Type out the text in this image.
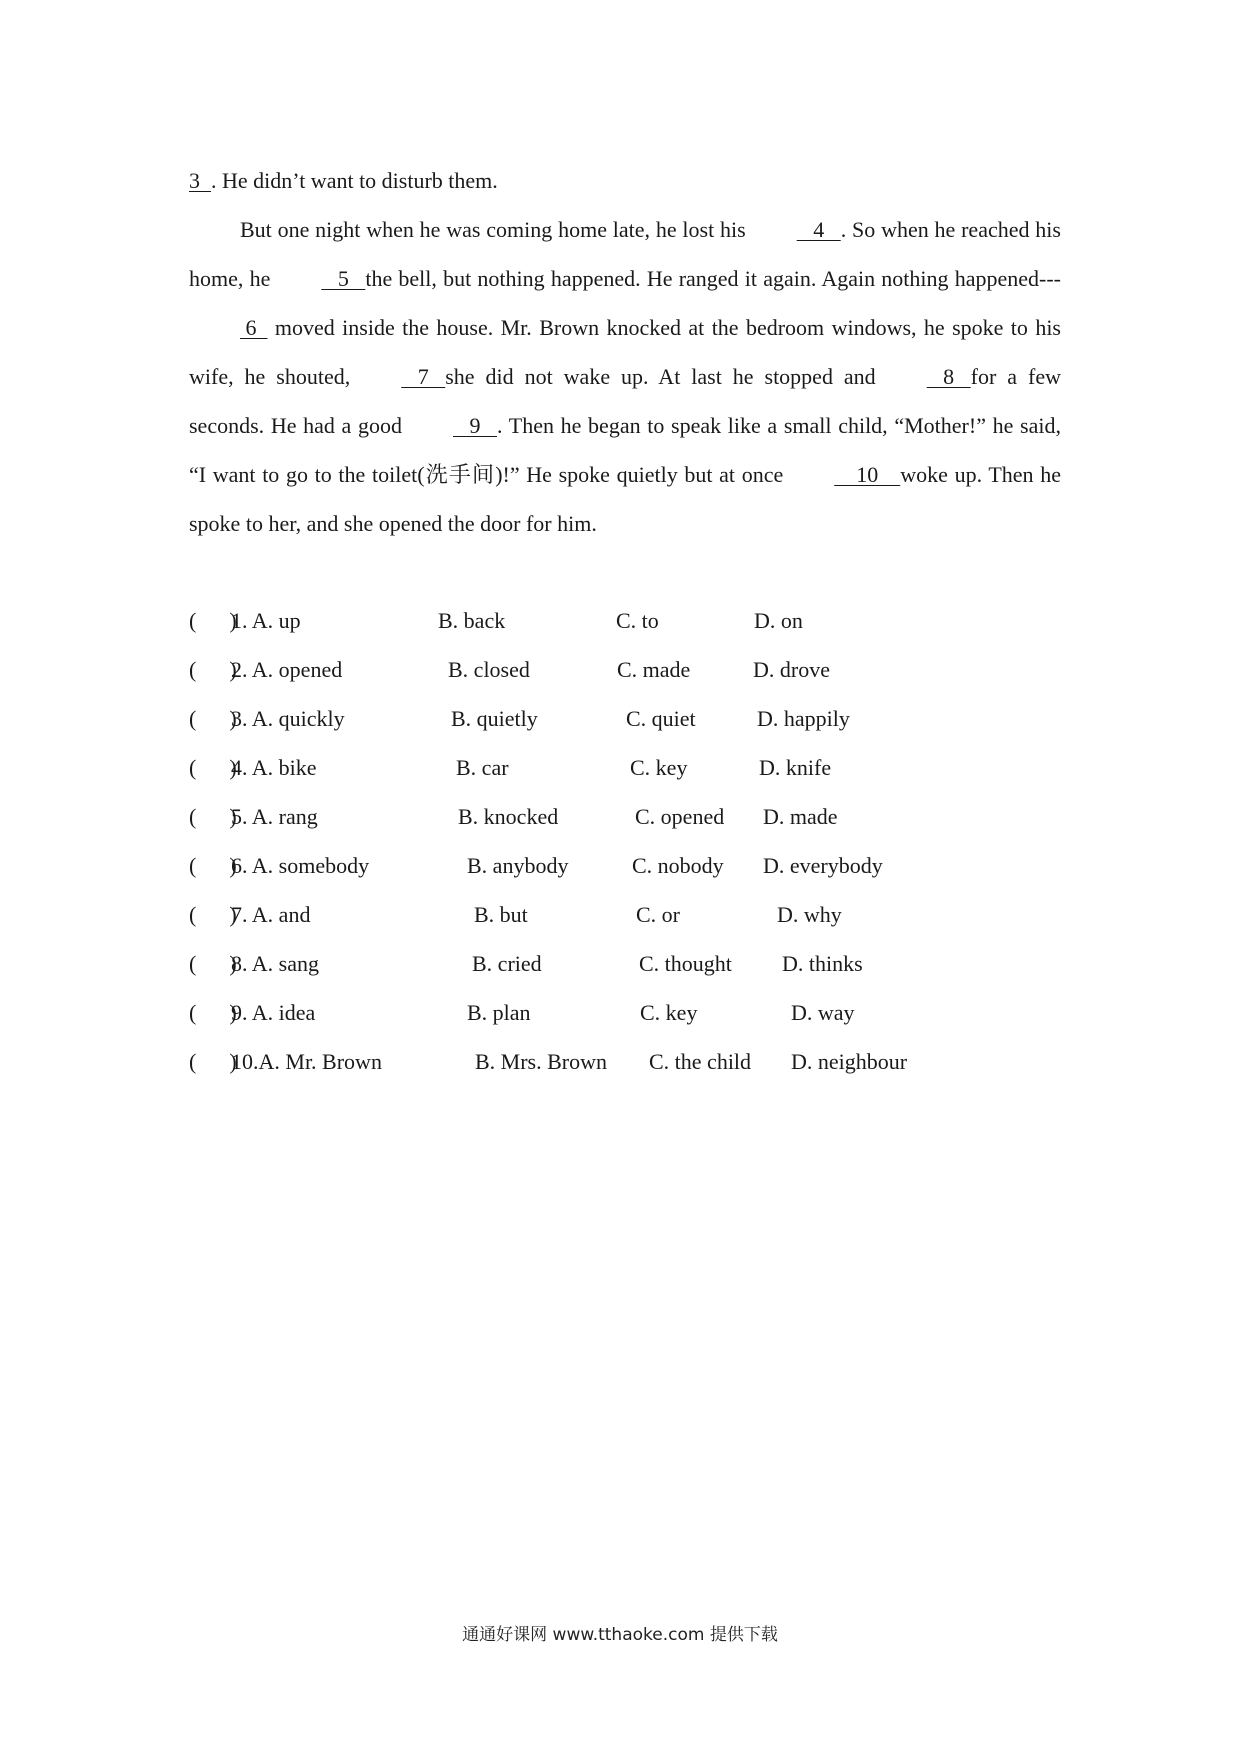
3  . He didn’t want to disturb them.

But one night when he was coming home late, he lost his   4   . So when he reached his home, he   5   the bell, but nothing happened. He ranged it again. Again nothing happened---  6   moved inside the house. Mr. Brown knocked at the bedroom windows, he spoke to his wife, he shouted,   7   she did not wake up. At last he stopped and   8   for a few seconds. He had a good   9   . Then he began to speak like a small child, “Mother!” he said, “I want to go to the toilet(洗手间)!” He spoke quietly but at once    10    woke up. Then he spoke to her, and she opened the door for him.

(      )
1. A. up	B. back	C. to	D. on
(      )
2. A. opened	B. closed	C. made	D. drove
(      )
3. A. quickly	B. quietly	C. quiet	D. happily
(      )
4. A. bike	B. car	C. key	D. knife
(      )
5. A. rang	B. knocked	C. opened D. made
(      )
6. A. somebody	B. anybody	C. nobody D. everybody
(      )
7. A. and	B. but	C. or	D. why
(      )
8. A. sang	B. cried	C. thought D. thinks
(      )
9. A. idea	B. plan	C. key	D. way
(      )
10.A. Mr. Brown	B. Mrs. Brown C. the child D. neighbour
通通好课网 www.tthaoke.com 提供下载
